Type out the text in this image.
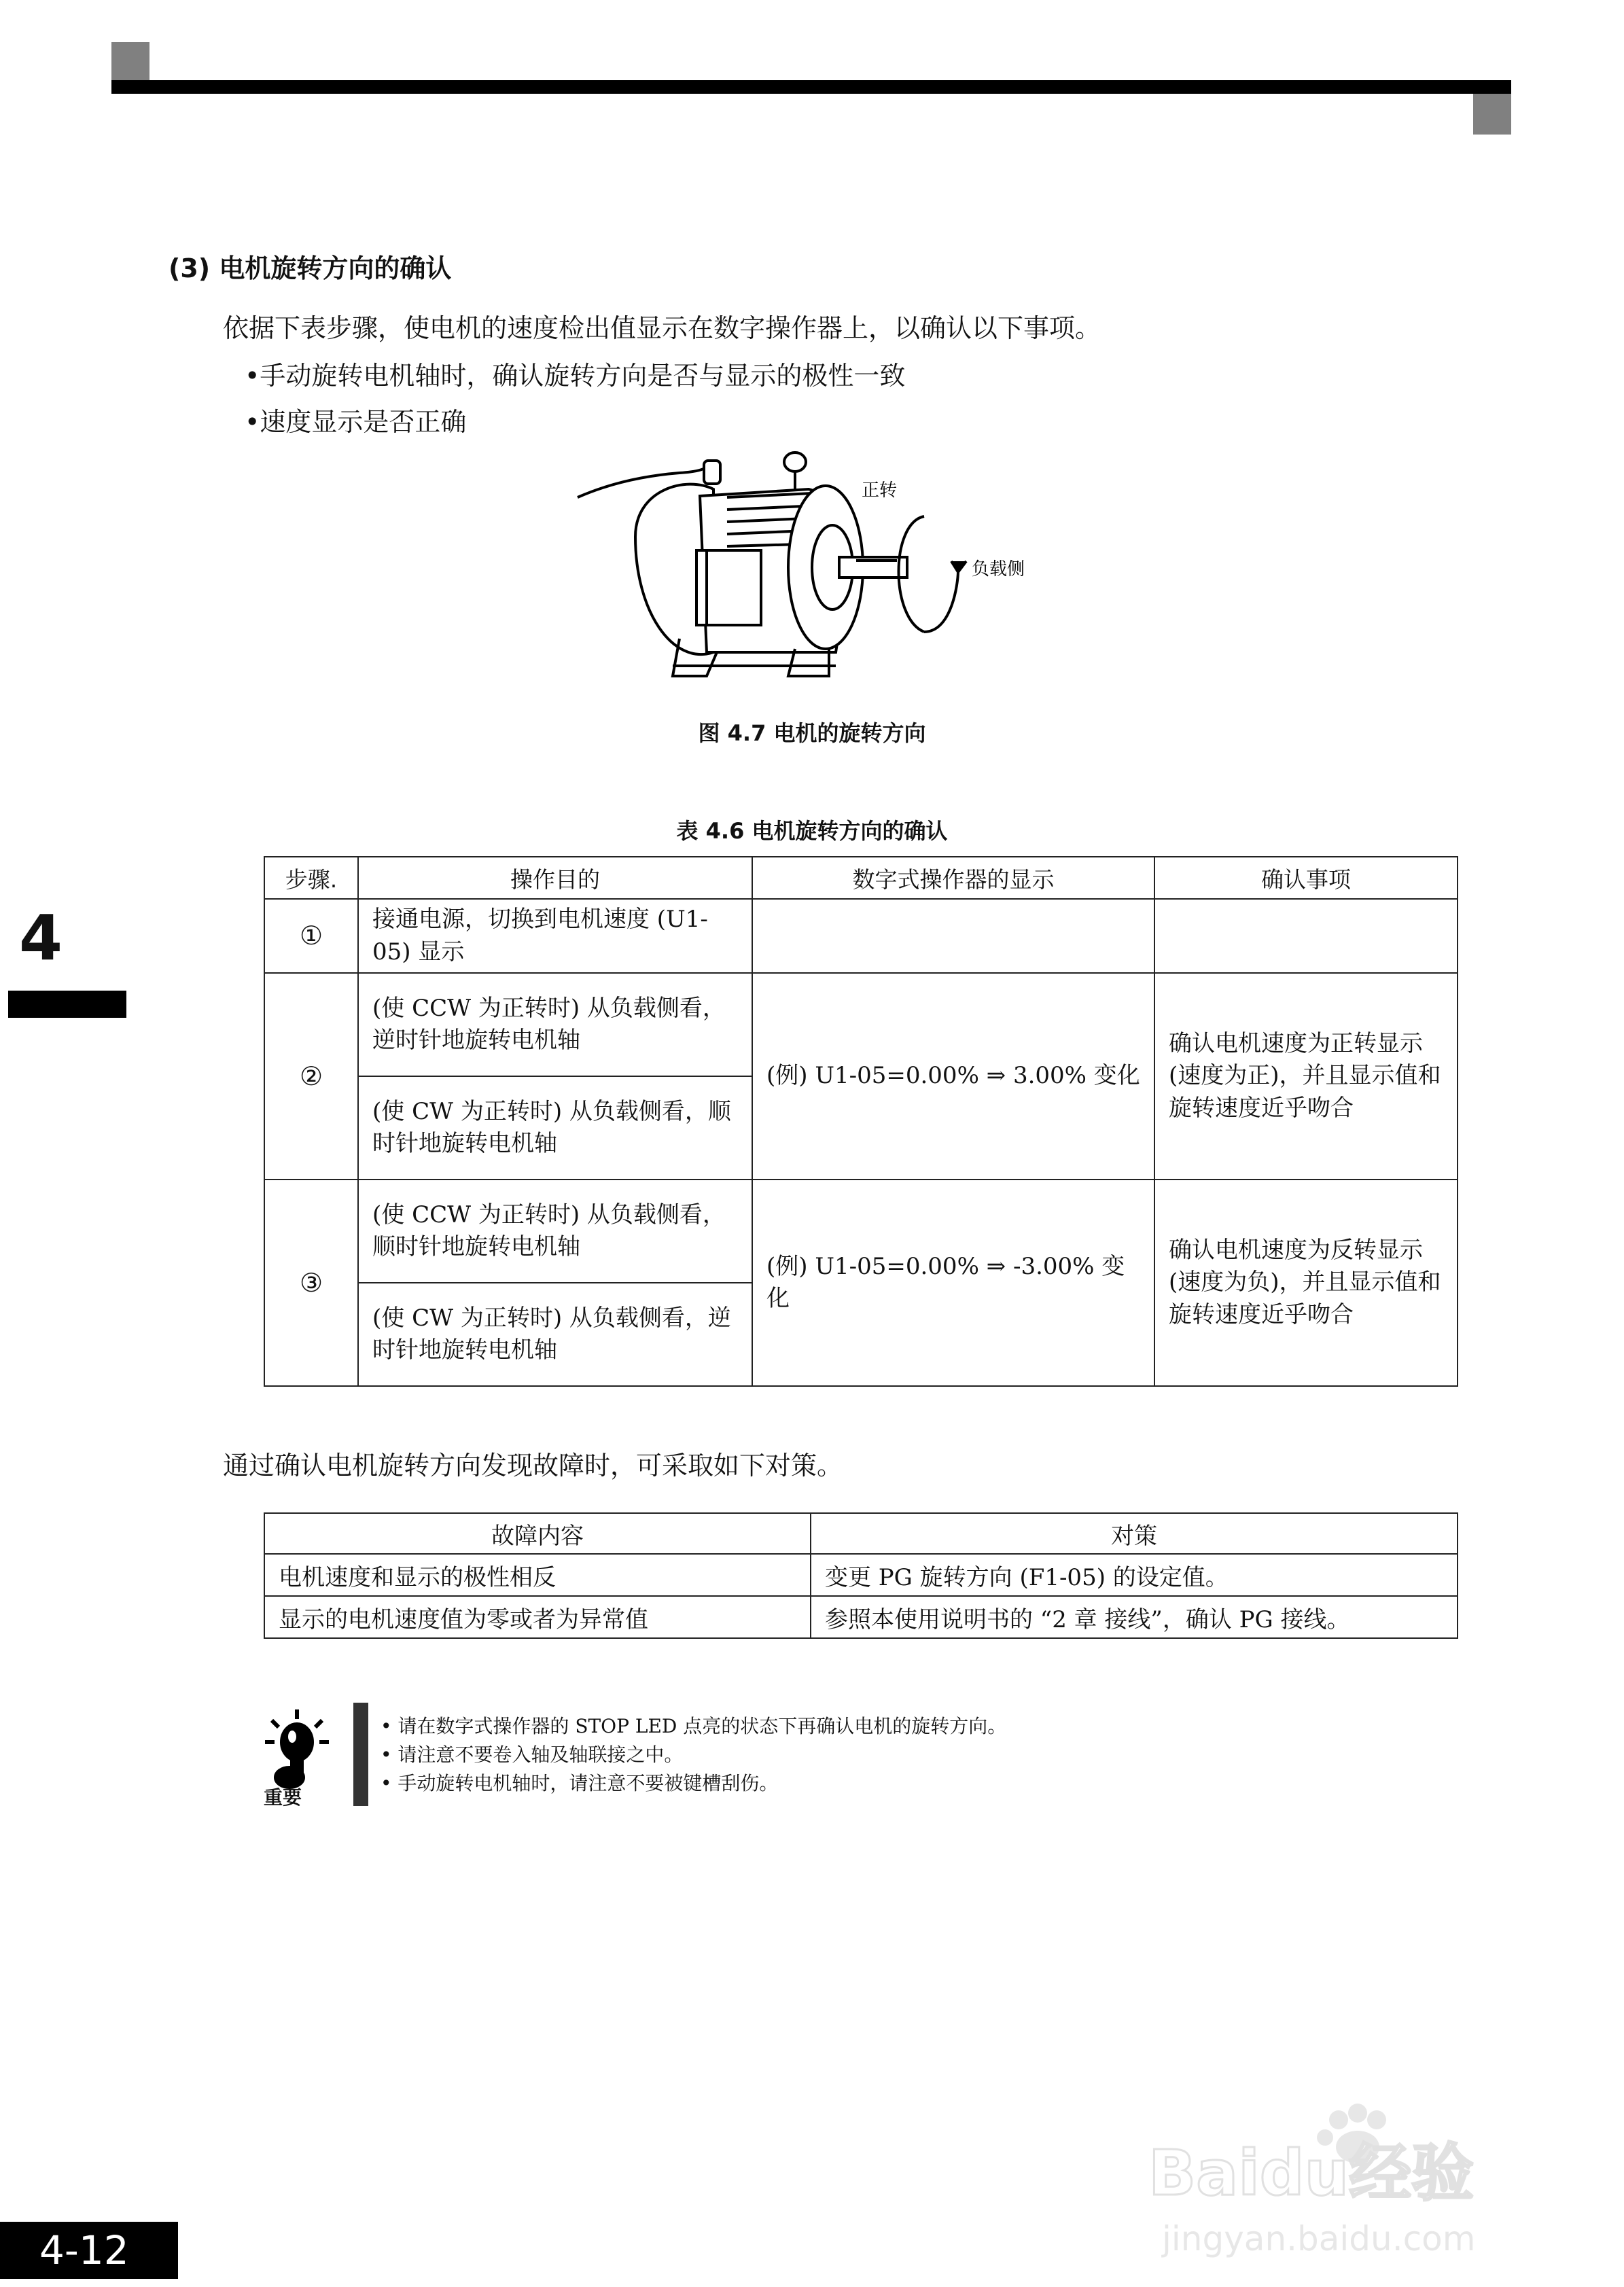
4
(3) 电机旋转方向的确认
依据下表步骤，使电机的速度检出值显示在数字操作器上，以确认以下事项。
•手动旋转电机轴时，确认旋转方向是否与显示的极性一致
•速度显示是否正确
正转
负载侧
图 4.7 电机的旋转方向
表 4.6 电机旋转方向的确认
步骤.	操作目的	数字式操作器的显示	确认事项
①	接通电源，切换到电机速度 (U1-05) 显示		
②	(使 CCW 为正转时) 从负载侧看，逆时针地旋转电机轴	(例) U1-05=0.00% ⇒ 3.00% 变化	确认电机速度为正转显示 (速度为正)，并且显示值和旋转速度近乎吻合
	(使 CW 为正转时) 从负载侧看，顺时针地旋转电机轴		
③	(使 CCW 为正转时) 从负载侧看，顺时针地旋转电机轴	(例) U1-05=0.00% ⇒ -3.00% 变化	确认电机速度为反转显示 (速度为负)，并且显示值和旋转速度近乎吻合
	(使 CW 为正转时) 从负载侧看，逆时针地旋转电机轴		
通过确认电机旋转方向发现故障时，可采取如下对策。
故障内容	对策
电机速度和显示的极性相反	变更 PG 旋转方向 (F1-05) 的设定值。
显示的电机速度值为零或者为异常值	参照本使用说明书的 “2 章 接线”，确认 PG 接线。
重要
• 请在数字式操作器的 STOP LED 点亮的状态下再确认电机的旋转方向。
• 请注意不要卷入轴及轴联接之中。
• 手动旋转电机轴时，请注意不要被键槽刮伤。
Baidu经验
jingyan.baidu.com
4-12
